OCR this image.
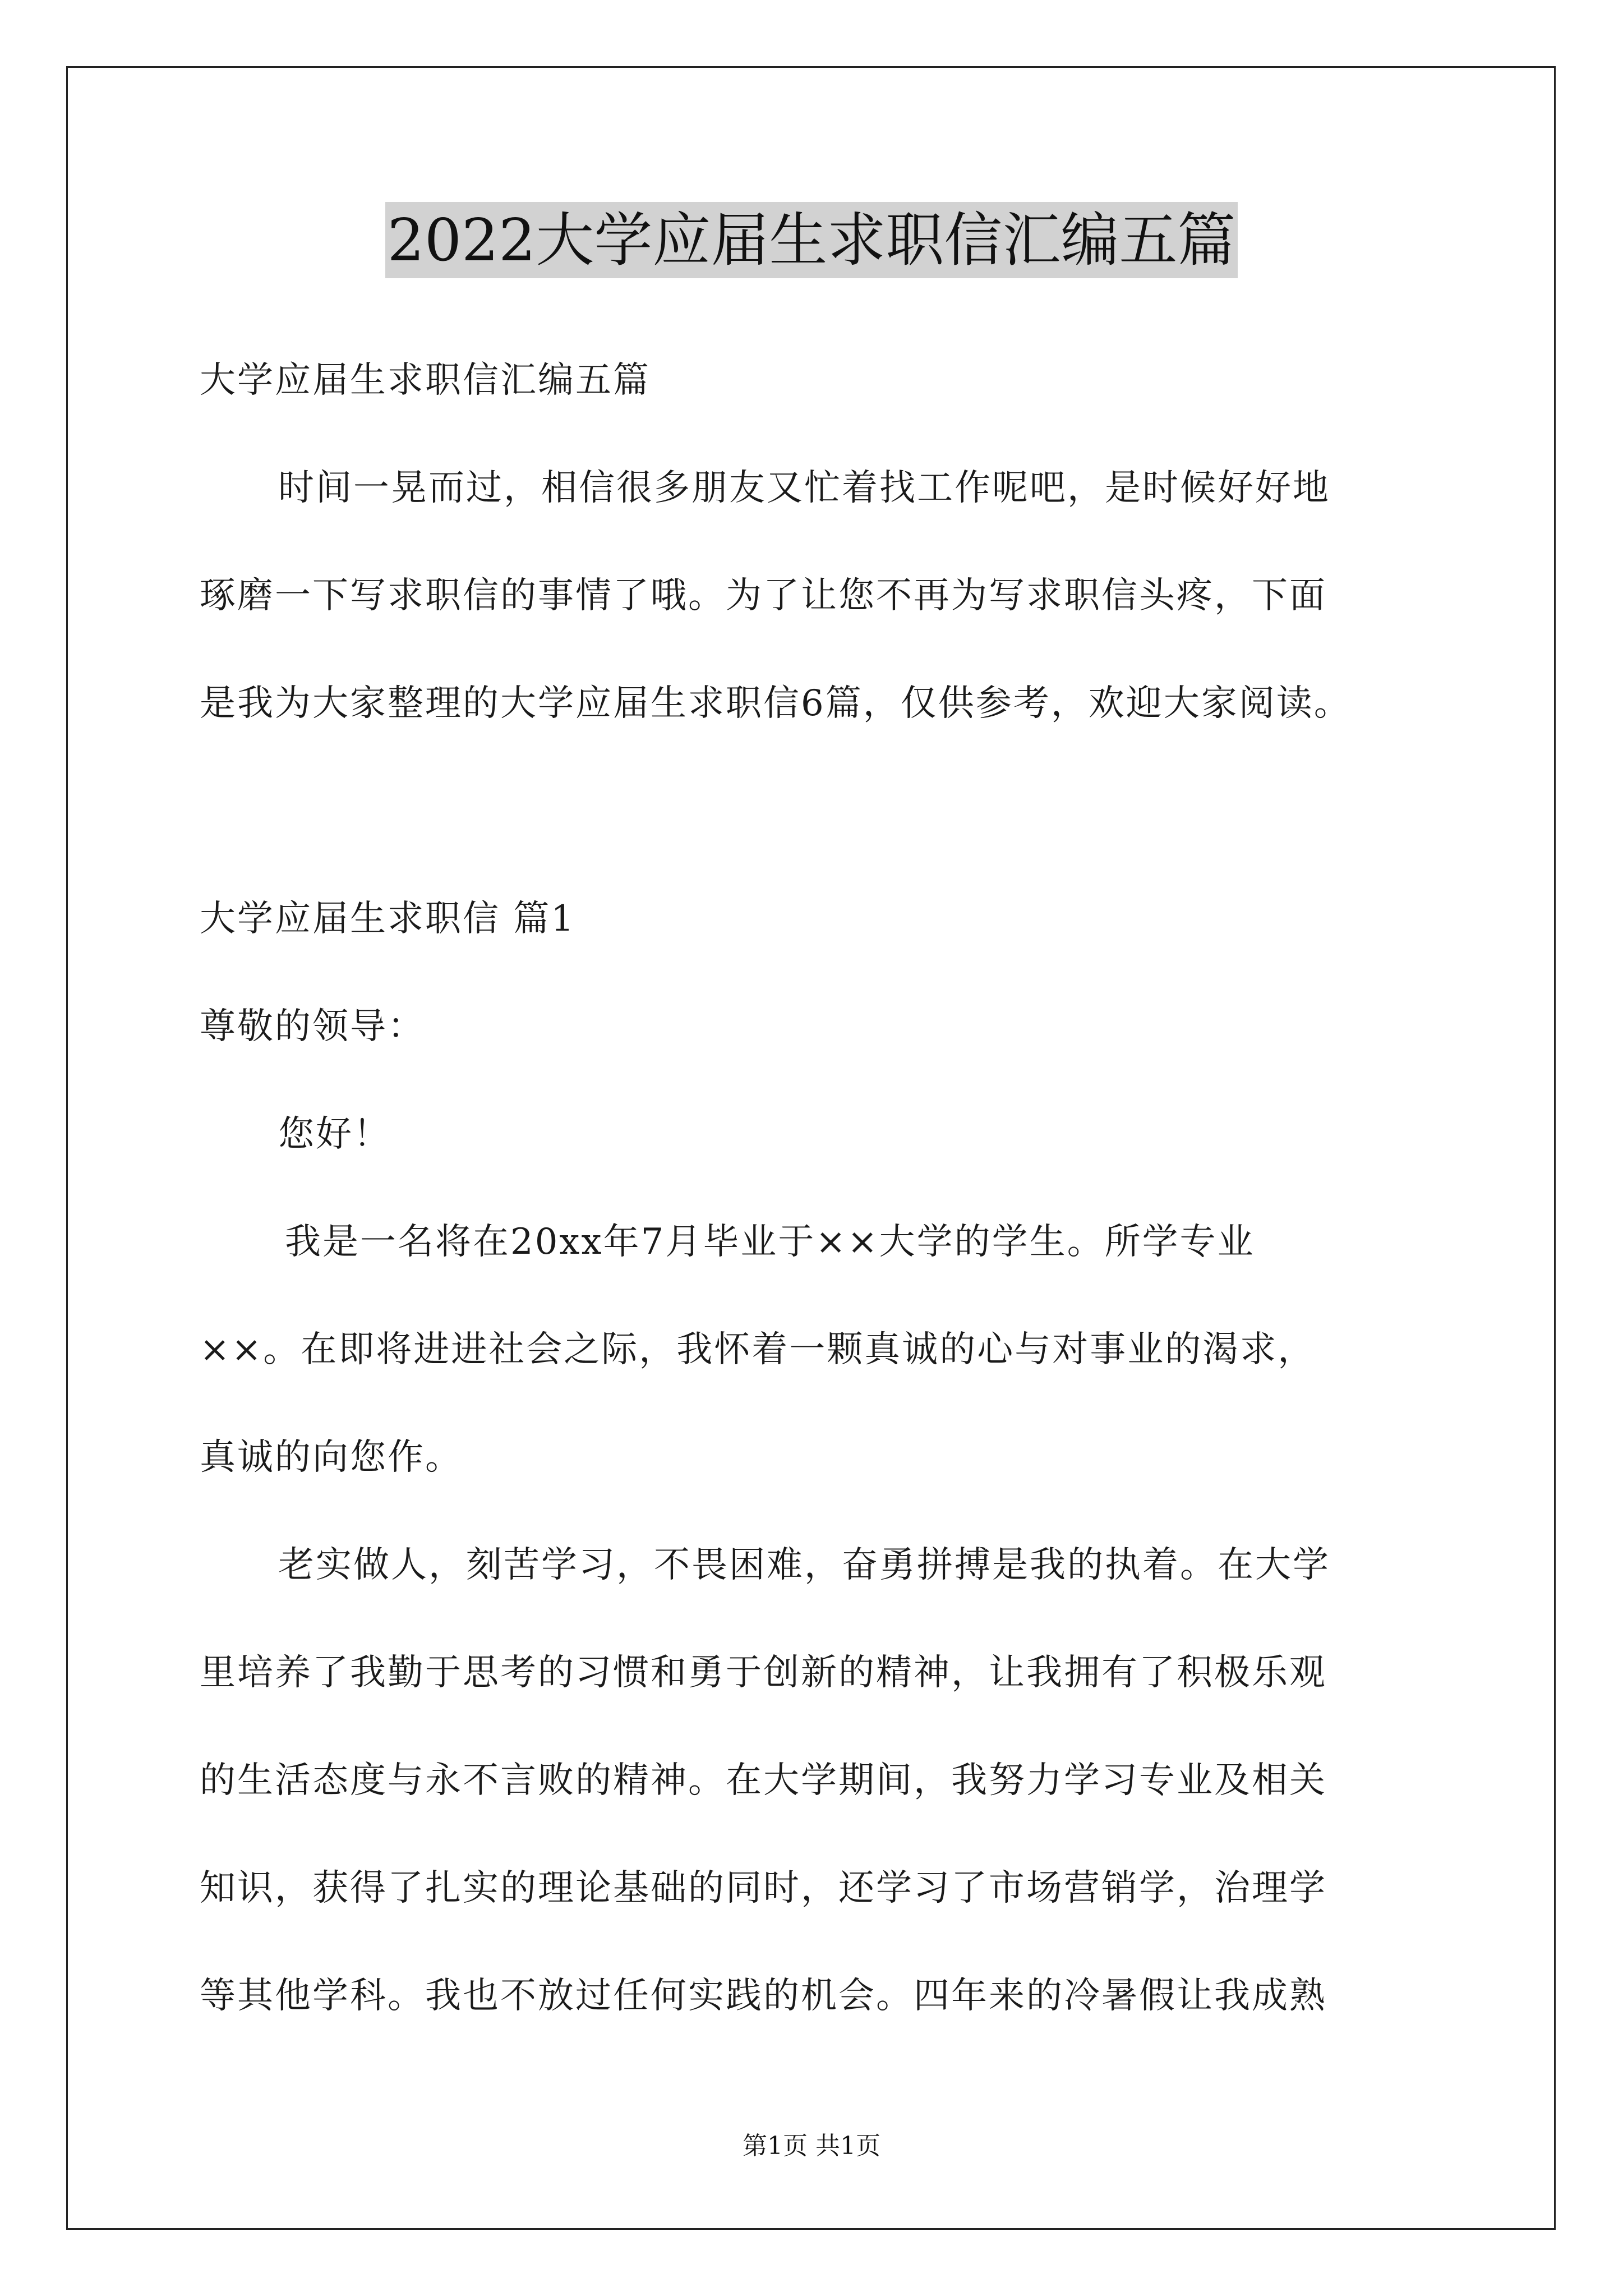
2022大学应届生求职信汇编五篇
大学应届生求职信汇编五篇
时间一晃而过，相信很多朋友又忙着找工作呢吧，是时候好好地
琢磨一下写求职信的事情了哦。为了让您不再为写求职信头疼，下面
是我为大家整理的大学应届生求职信6篇，仅供参考，欢迎大家阅读。
大学应届生求职信 篇1
尊敬的领导：
您好！
我是一名将在20xx年7月毕业于××大学的学生。所学专业
××。在即将进进社会之际，我怀着一颗真诚的心与对事业的渴求，
真诚的向您作。
老实做人，刻苦学习，不畏困难，奋勇拼搏是我的执着。在大学
里培养了我勤于思考的习惯和勇于创新的精神，让我拥有了积极乐观
的生活态度与永不言败的精神。在大学期间，我努力学习专业及相关
知识，获得了扎实的理论基础的同时，还学习了市场营销学，治理学
等其他学科。我也不放过任何实践的机会。四年来的冷暑假让我成熟
第1页 共1页
